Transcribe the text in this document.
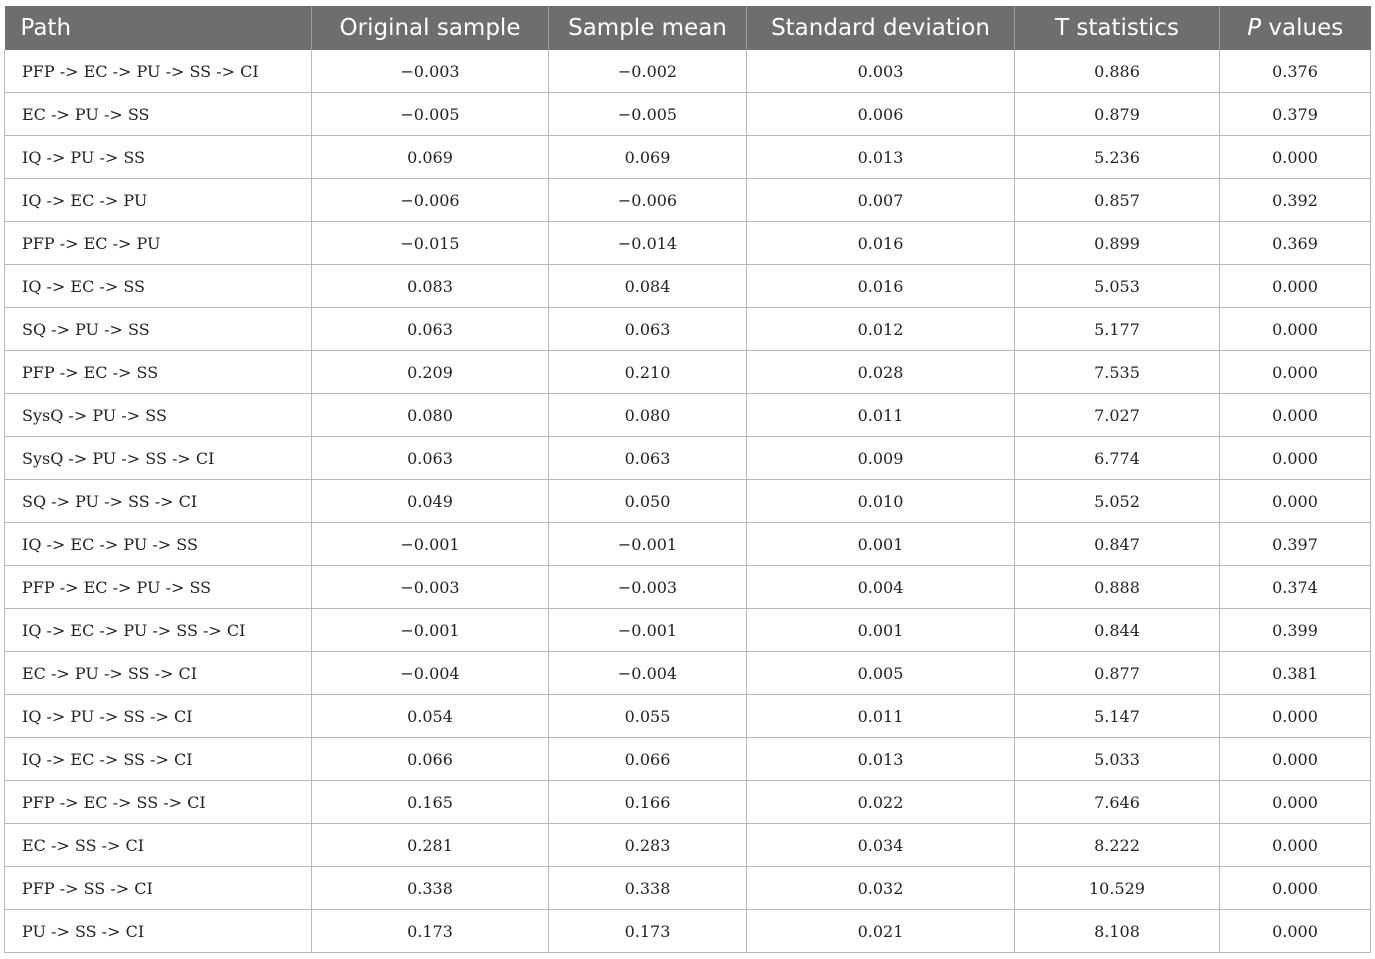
Path	Original sample	Sample mean	Standard deviation	T statistics	P values
PFP -> EC -> PU -> SS -> CI	−0.003	−0.002	0.003	0.886	0.376
EC -> PU -> SS	−0.005	−0.005	0.006	0.879	0.379
IQ -> PU -> SS	0.069	0.069	0.013	5.236	0.000
IQ -> EC -> PU	−0.006	−0.006	0.007	0.857	0.392
PFP -> EC -> PU	−0.015	−0.014	0.016	0.899	0.369
IQ -> EC -> SS	0.083	0.084	0.016	5.053	0.000
SQ -> PU -> SS	0.063	0.063	0.012	5.177	0.000
PFP -> EC -> SS	0.209	0.210	0.028	7.535	0.000
SysQ -> PU -> SS	0.080	0.080	0.011	7.027	0.000
SysQ -> PU -> SS -> CI	0.063	0.063	0.009	6.774	0.000
SQ -> PU -> SS -> CI	0.049	0.050	0.010	5.052	0.000
IQ -> EC -> PU -> SS	−0.001	−0.001	0.001	0.847	0.397
PFP -> EC -> PU -> SS	−0.003	−0.003	0.004	0.888	0.374
IQ -> EC -> PU -> SS -> CI	−0.001	−0.001	0.001	0.844	0.399
EC -> PU -> SS -> CI	−0.004	−0.004	0.005	0.877	0.381
IQ -> PU -> SS -> CI	0.054	0.055	0.011	5.147	0.000
IQ -> EC -> SS -> CI	0.066	0.066	0.013	5.033	0.000
PFP -> EC -> SS -> CI	0.165	0.166	0.022	7.646	0.000
EC -> SS -> CI	0.281	0.283	0.034	8.222	0.000
PFP -> SS -> CI	0.338	0.338	0.032	10.529	0.000
PU -> SS -> CI	0.173	0.173	0.021	8.108	0.000
